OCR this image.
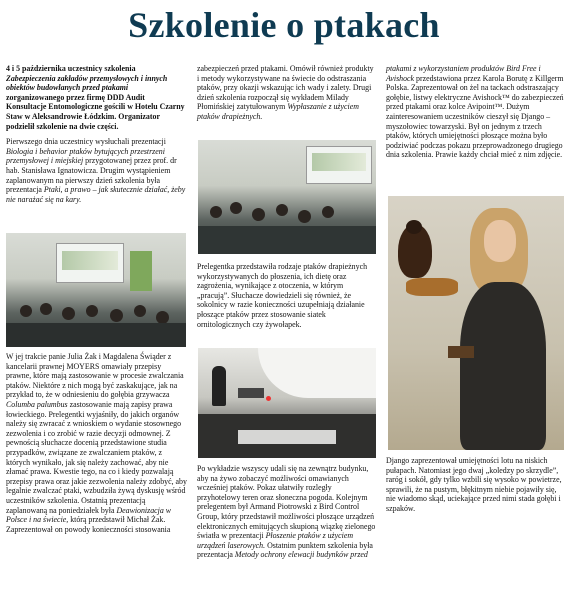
Szkolenie o ptakach

4 i 5 października uczestnicy szkolenia Zabezpieczenia zakładów przemysłowych i innych obiektów budowlanych przed ptakami zorganizowanego przez firmę DDD Audit Konsultacje Entomologiczne gościli w Hotelu Czarny Staw w Aleksandrowie Łódzkim. Organizator podzielił szkolenie na dwie części.

Pierwszego dnia uczestnicy wysłuchali prezentacji Biologia i behavior ptaków bytujących przestrzeni przemysłowej i miejskiej przygotowanej przez prof. dr hab. Stanisława Ignatowicza. Drugim wystąpieniem zaplanowanym na pierwszy dzień szkolenia była prezentacja Ptaki, a prawo – jak skutecznie działać, żeby nie narażać się na kary.

W jej trakcie panie Julia Żak i Magdalena Świąder z kancelarii prawnej MOYERS omawiały przepisy prawne, które mają zastosowanie w procesie zwalczania ptaków. Niektóre z nich mogą być zaskakujące, jak na przykład to, że w odniesieniu do gołębia grzywacza Columba palumbus zastosowanie mają zapisy prawa łowieckiego. Prelegentki wyjaśniły, do jakich organów należy się zwracać z wnioskiem o wydanie stosownego zezwolenia i co zrobić w razie decyzji odmownej. Z pewnością słuchacze docenią przedstawione studia przypadków, związane ze zwalczaniem ptaków, z których wynikało, jak się należy zachować, aby nie złamać prawa. Kwestie tego, na co i kiedy pozwalają przepisy prawa oraz jakie zezwolenia należy zdobyć, aby legalnie zwalczać ptaki, wzbudziła żywą dyskusję wśród uczestników szkolenia. Ostatnią prezentacją zaplanowaną na poniedziałek była Deawionizacja w Polsce i na świecie, którą przedstawił Michał Żak. Zaprezentował on powody konieczności stosowania

zabezpieczeń przed ptakami. Omówił również produkty i metody wykorzystywane na świecie do odstraszania ptaków, przy okazji wskazując ich wady i zalety. Drugi dzień szkolenia rozpoczął się wykładem Milady Płomińskiej zatytułowanym Wypłaszanie z użyciem ptaków drapieżnych.

Prelegentka przedstawiła rodzaje ptaków drapieżnych wykorzystywanych do płoszenia, ich dietę oraz zagrożenia, wynikające z otoczenia, w którym „pracują”. Słuchacze dowiedzieli się również, że sokolnicy w razie konieczności uzupełniają działanie płoszące ptaków przez stosowanie siatek ornitologicznych czy żywołapek.

Po wykładzie wszyscy udali się na zewnątrz budynku, aby na żywo zobaczyć możliwości omawianych wcześniej ptaków. Pokaz ułatwiły rozległy przyhotelowy teren oraz słoneczna pogoda. Kolejnym prelegentem był Armand Piotrowski z Bird Control Group, który przedstawił możliwości płoszące urządzeń elektronicznych emitujących skupioną wiązkę zielonego światła w prezentacji Płoszenie ptaków z użyciem urządzeń laserowych. Ostatnim punktem szkolenia była prezentacja Metody ochrony elewacji budynków przed

ptakami z wykorzystaniem produktów Bird Free i Avishock przedstawiona przez Karola Borutę z Killgerm Polska. Zaprezentował on żel na tackach odstraszający gołębie, listwy elektryczne Avishock™ do zabezpieczeń przed ptakami oraz kolce Avipoint™. Dużym zainteresowaniem uczestników cieszył się Django – myszołowiec towarzyski. Był on jednym z trzech ptaków, których umiejętności płoszące można było podziwiać podczas pokazu przeprowadzonego drugiego dnia szkolenia. Prawie każdy chciał mieć z nim zdjęcie.

Django zaprezentował umiejętności lotu na niskich pułapach. Natomiast jego dwaj „koledzy po skrzydle”, raróg i sokół, gdy tylko wzbili się wysoko w powietrze, sprawili, że na pustym, błękitnym niebie pojawiły się, nie wiadomo skąd, uciekające przed nimi stada gołębi i szpaków.
